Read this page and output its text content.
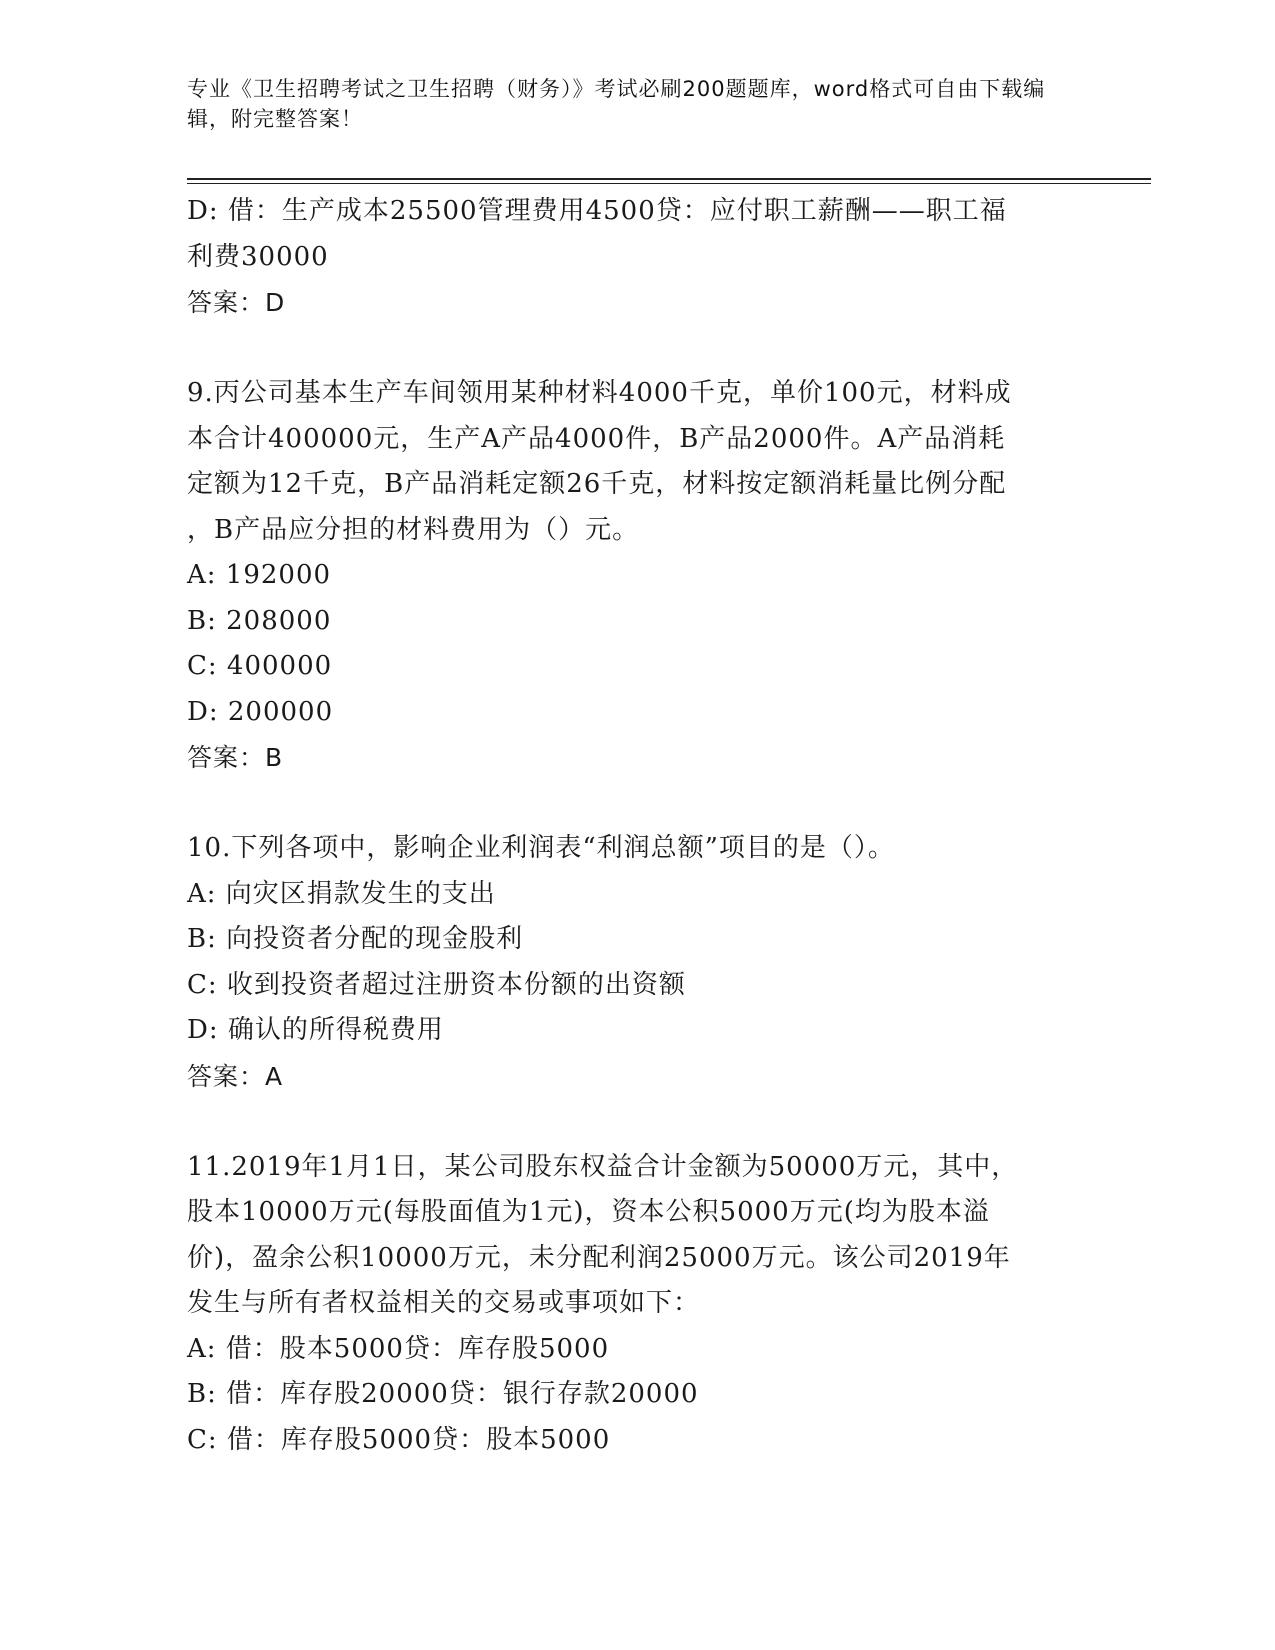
专业《卫生招聘考试之卫生招聘（财务）》考试必刷200题题库，word格式可自由下载编辑，附完整答案！

D: 借：生产成本25500管理费用4500贷：应付职工薪酬——职工福

利费30000

答案：D

9.丙公司基本生产车间领用某种材料4000千克，单价100元，材料成

本合计400000元，生产A产品4000件，B产品2000件。A产品消耗

定额为12千克，B产品消耗定额26千克，材料按定额消耗量比例分配

，B产品应分担的材料费用为（）元。

A: 192000

B: 208000

C: 400000

D: 200000

答案：B

10.下列各项中，影响企业利润表“利润总额”项目的是（）。

A: 向灾区捐款发生的支出

B: 向投资者分配的现金股利

C: 收到投资者超过注册资本份额的出资额

D: 确认的所得税费用

答案：A

11.2019年1月1日，某公司股东权益合计金额为50000万元，其中，

股本10000万元(每股面值为1元)，资本公积5000万元(均为股本溢

价)，盈余公积10000万元，未分配利润25000万元。该公司2019年

发生与所有者权益相关的交易或事项如下：

A: 借：股本5000贷：库存股5000

B: 借：库存股20000贷：银行存款20000

C: 借：库存股5000贷：股本5000
